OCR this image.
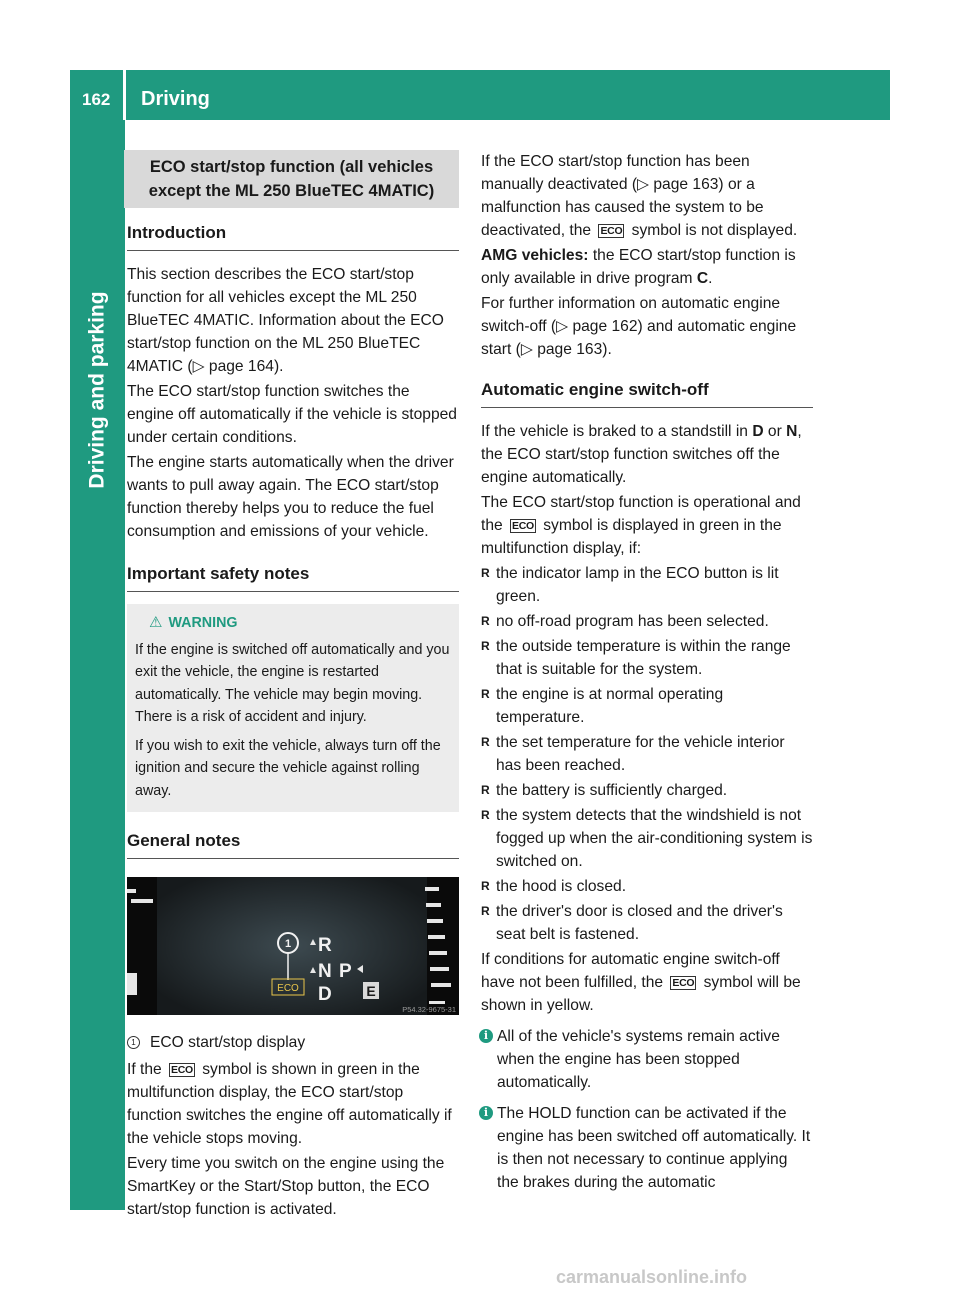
162 Driving
Driving and parking
ECO start/stop function (all vehicles except the ML 250 BlueTEC 4MATIC)
Introduction

This section describes the ECO start/stop function for all vehicles except the ML 250 BlueTEC 4MATIC. Information about the ECO start/stop function on the ML 250 BlueTEC 4MATIC (▷ page 164).

The ECO start/stop function switches the engine off automatically if the vehicle is stopped under certain conditions.

The engine starts automatically when the driver wants to pull away again. The ECO start/stop function thereby helps you to reduce the fuel consumption and emissions of your vehicle.

Important safety notes
⚠ WARNING

If the engine is switched off automatically and you exit the vehicle, the engine is restarted automatically. The vehicle may begin moving. There is a risk of accident and injury.

If you wish to exit the vehicle, always turn off the ignition and secure the vehicle against rolling away.

General notes
1
ECO
R
N P
D E
P54.32-9675-31

1 ECO start/stop display

If the ECO symbol is shown in green in the multifunction display, the ECO start/stop function switches the engine off automatically if the vehicle stops moving.

Every time you switch on the engine using the SmartKey or the Start/Stop button, the ECO start/stop function is activated.

If the ECO start/stop function has been manually deactivated (▷ page 163) or a malfunction has caused the system to be deactivated, the ECO symbol is not displayed.

AMG vehicles: the ECO start/stop function is only available in drive program C.

For further information on automatic engine switch-off (▷ page 162) and automatic engine start (▷ page 163).

Automatic engine switch-off

If the vehicle is braked to a standstill in D or N, the ECO start/stop function switches off the engine automatically.

The ECO start/stop function is operational and the ECO symbol is displayed in green in the multifunction display, if:

R the indicator lamp in the ECO button is lit green.
R no off-road program has been selected.
R the outside temperature is within the range that is suitable for the system.
R the engine is at normal operating temperature.
R the set temperature for the vehicle interior has been reached.
R the battery is sufficiently charged.
R the system detects that the windshield is not fogged up when the air-conditioning system is switched on.
R the hood is closed.
R the driver's door is closed and the driver's seat belt is fastened.

If conditions for automatic engine switch-off have not been fulfilled, the ECO symbol will be shown in yellow.

i All of the vehicle's systems remain active when the engine has been stopped automatically.
i The HOLD function can be activated if the engine has been switched off automatically. It is then not necessary to continue applying the brakes during the automatic
carmanualsonline.info
